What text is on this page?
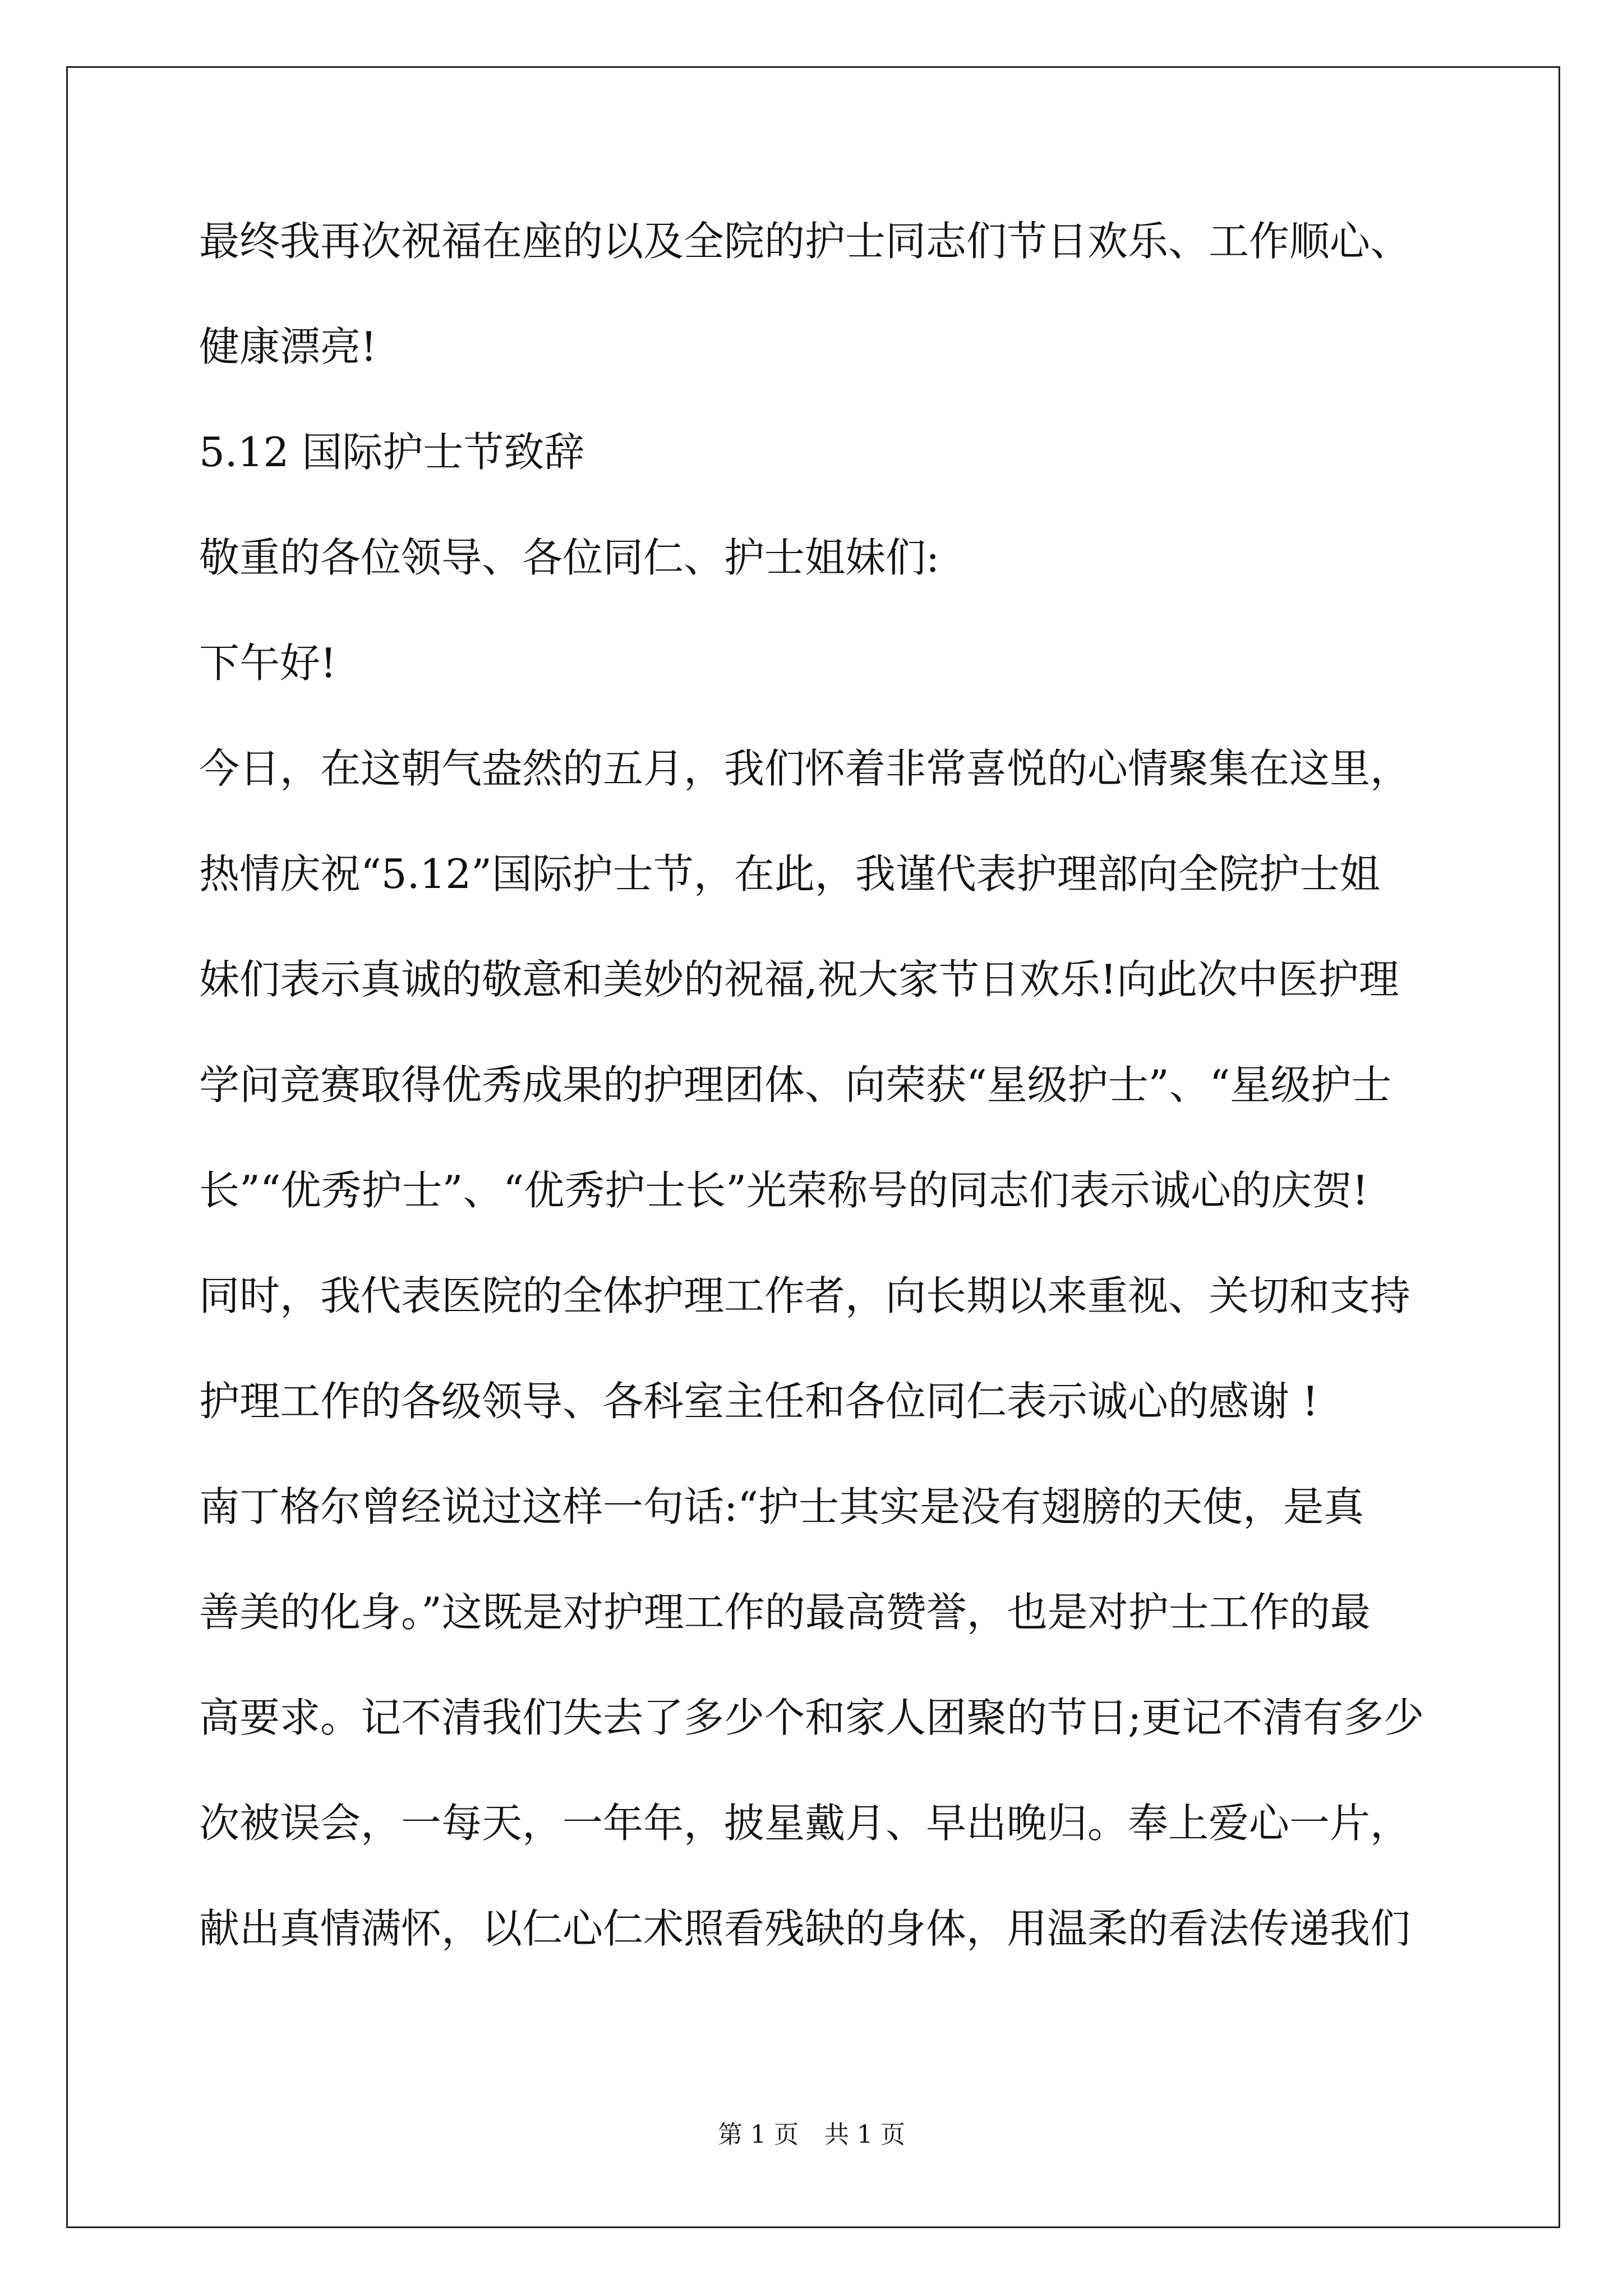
最终我再次祝福在座的以及全院的护士同志们节日欢乐、工作顺心、
健康漂亮!
5.12 国际护士节致辞
敬重的各位领导、各位同仁、护士姐妹们:
下午好!
今日，在这朝气盎然的五月，我们怀着非常喜悦的心情聚集在这里，
热情庆祝“5.12”国际护士节，在此，我谨代表护理部向全院护士姐
妹们表示真诚的敬意和美妙的祝福,祝大家节日欢乐!向此次中医护理
学问竞赛取得优秀成果的护理团体、向荣获“星级护士”、“星级护士
长”“优秀护士”、“优秀护士长”光荣称号的同志们表示诚心的庆贺!
同时，我代表医院的全体护理工作者，向长期以来重视、关切和支持
护理工作的各级领导、各科室主任和各位同仁表示诚心的感谢 !
南丁格尔曾经说过这样一句话:“护士其实是没有翅膀的天使，是真
善美的化身。”这既是对护理工作的最高赞誉，也是对护士工作的最
高要求。记不清我们失去了多少个和家人团聚的节日;更记不清有多少
次被误会，一每天，一年年，披星戴月、早出晚归。奉上爱心一片，
献出真情满怀，以仁心仁术照看残缺的身体，用温柔的看法传递我们
第 1 页 共 1 页
